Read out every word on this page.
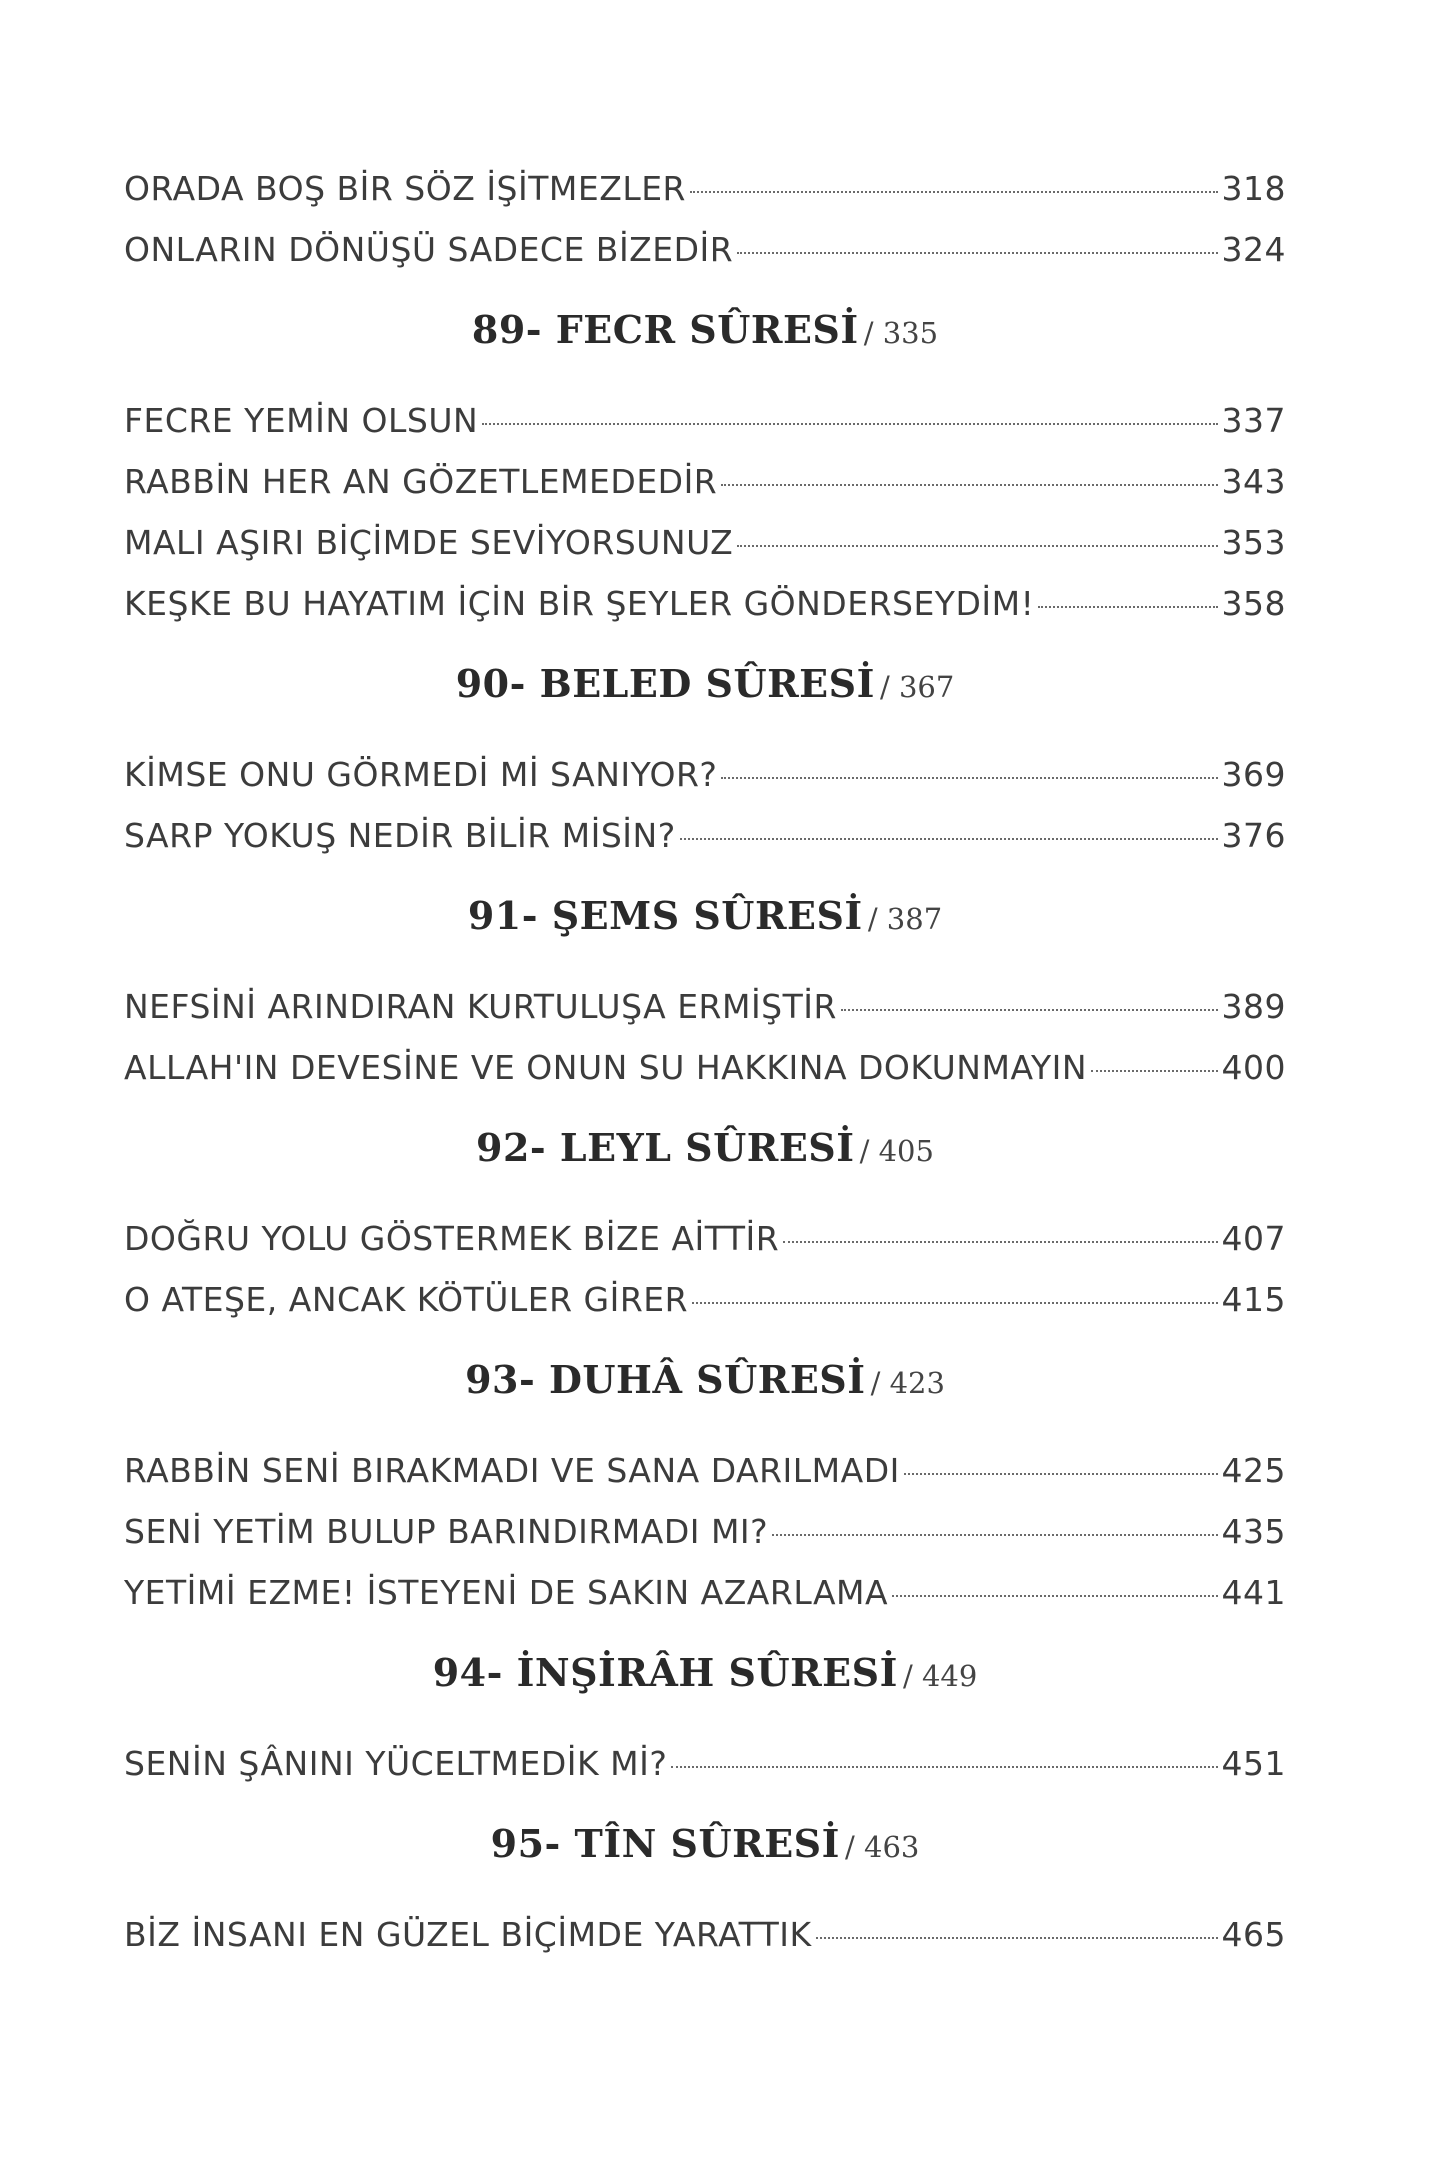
ORADA BOŞ BİR SÖZ İŞİTMEZLER	318
ONLARIN DÖNÜŞÜ SADECE BİZEDİR	324
89- FECR SÛRESİ / 335
FECRE YEMİN OLSUN	337
RABBİN HER AN GÖZETLEMEDEDİR	343
MALI AŞIRI BİÇİMDE SEVİYORSUNUZ	353
KEŞKE BU HAYATIM İÇİN BİR ŞEYLER GÖNDERSEYDİM!	358
90- BELED SÛRESİ / 367
KİMSE ONU GÖRMEDİ Mİ SANIYOR?	369
SARP YOKUŞ NEDİR BİLİR MİSİN?	376
91- ŞEMS SÛRESİ / 387
NEFSİNİ ARINDIRAN KURTULUŞA ERMİŞTİR	389
ALLAH'IN DEVESİNE VE ONUN SU HAKKINA DOKUNMAYIN	400
92- LEYL SÛRESİ / 405
DOĞRU YOLU GÖSTERMEK BİZE AİTTİR	407
O ATEŞE, ANCAK KÖTÜLER GİRER	415
93- DUHÂ SÛRESİ / 423
RABBİN SENİ BIRAKMADI VE SANA DARILMADI	425
SENİ YETİM BULUP BARINDIRMADI MI?	435
YETİMİ EZME! İSTEYENİ DE SAKIN AZARLAMA	441
94- İNŞİRÂH SÛRESİ / 449
SENİN ŞÂNINI YÜCELTMEDİK Mİ?	451
95- TÎN SÛRESİ / 463
BİZ İNSANI EN GÜZEL BİÇİMDE YARATTIK	465
